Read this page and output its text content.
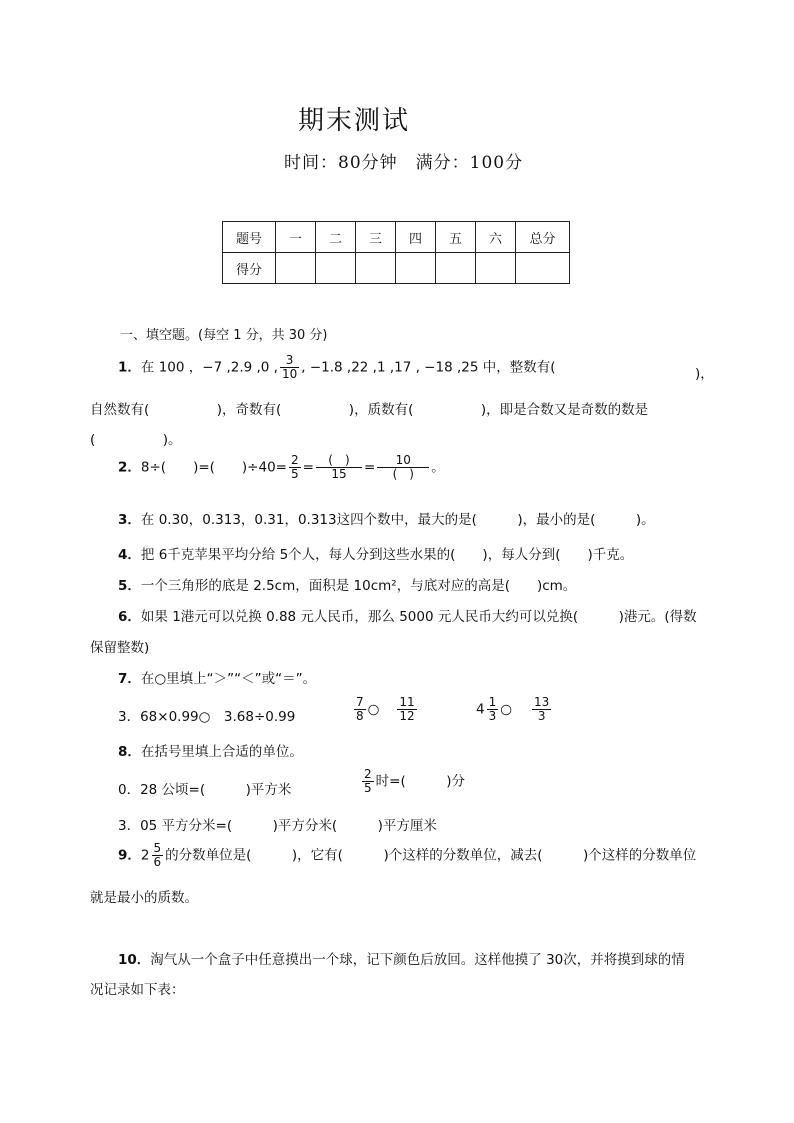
期末测试
时间：80分钟　满分：100分
题号	一	二	三	四	五	六	总分
得分							
一、填空题。(每空 1 分，共 30 分)
1．在 100 ，−7 ,2.9 ,0 , $\frac{3}{10}$ , −1.8 ,22 ,1 ,17 , −18 ,25 中，整数有(	)，
自然数有(　　　　　)，奇数有(　　　　　)，质数有(　　　　　)，即是合数又是奇数的数是
(　　　　　)。
2．8÷(　　)=(　　)$\div 40= \frac{2}{5} = \frac{( )}{15} = \frac{10}{( )}$ 。
3．在 0.30，0.313，0.31，0.313这四个数中，最大的是(　　　)，最小的是(　　　)。
4．把 6千克苹果平均分给 5个人，每人分到这些水果的(　　)，每人分到(　　)千克。
5．一个三角形的底是 2.5cm，面积是 10cm²，与底对应的高是(　　)cm。
6．如果 1港元可以兑换 0.88 元人民币，那么 5000 元人民币大约可以兑换(　　　)港元。(得数
保留整数)
7．在○里填上“＞”“＜”或“＝”。
3．68×0.99○　3.68÷0.99	$\frac{7}{8}$ ○ $\frac{11}{12}$	$4 \frac{1}{3}$ ○ $\frac{13}{3}$
8．在括号里填上合适的单位。
0．28 公顷=(　　　)平方米	$\frac{2}{5}$ 时=(　　　)分
3．05 平方分米=(　　　)平方分米(　　　)平方厘米
9．$2 \frac{5}{6}$ 的分数单位是(　　　)，它有(　　　)个这样的分数单位，减去(　　　)个这样的分数单位
就是最小的质数。
10．淘气从一个盒子中任意摸出一个球，记下颜色后放回。这样他摸了 30次，并将摸到球的情
况记录如下表：
